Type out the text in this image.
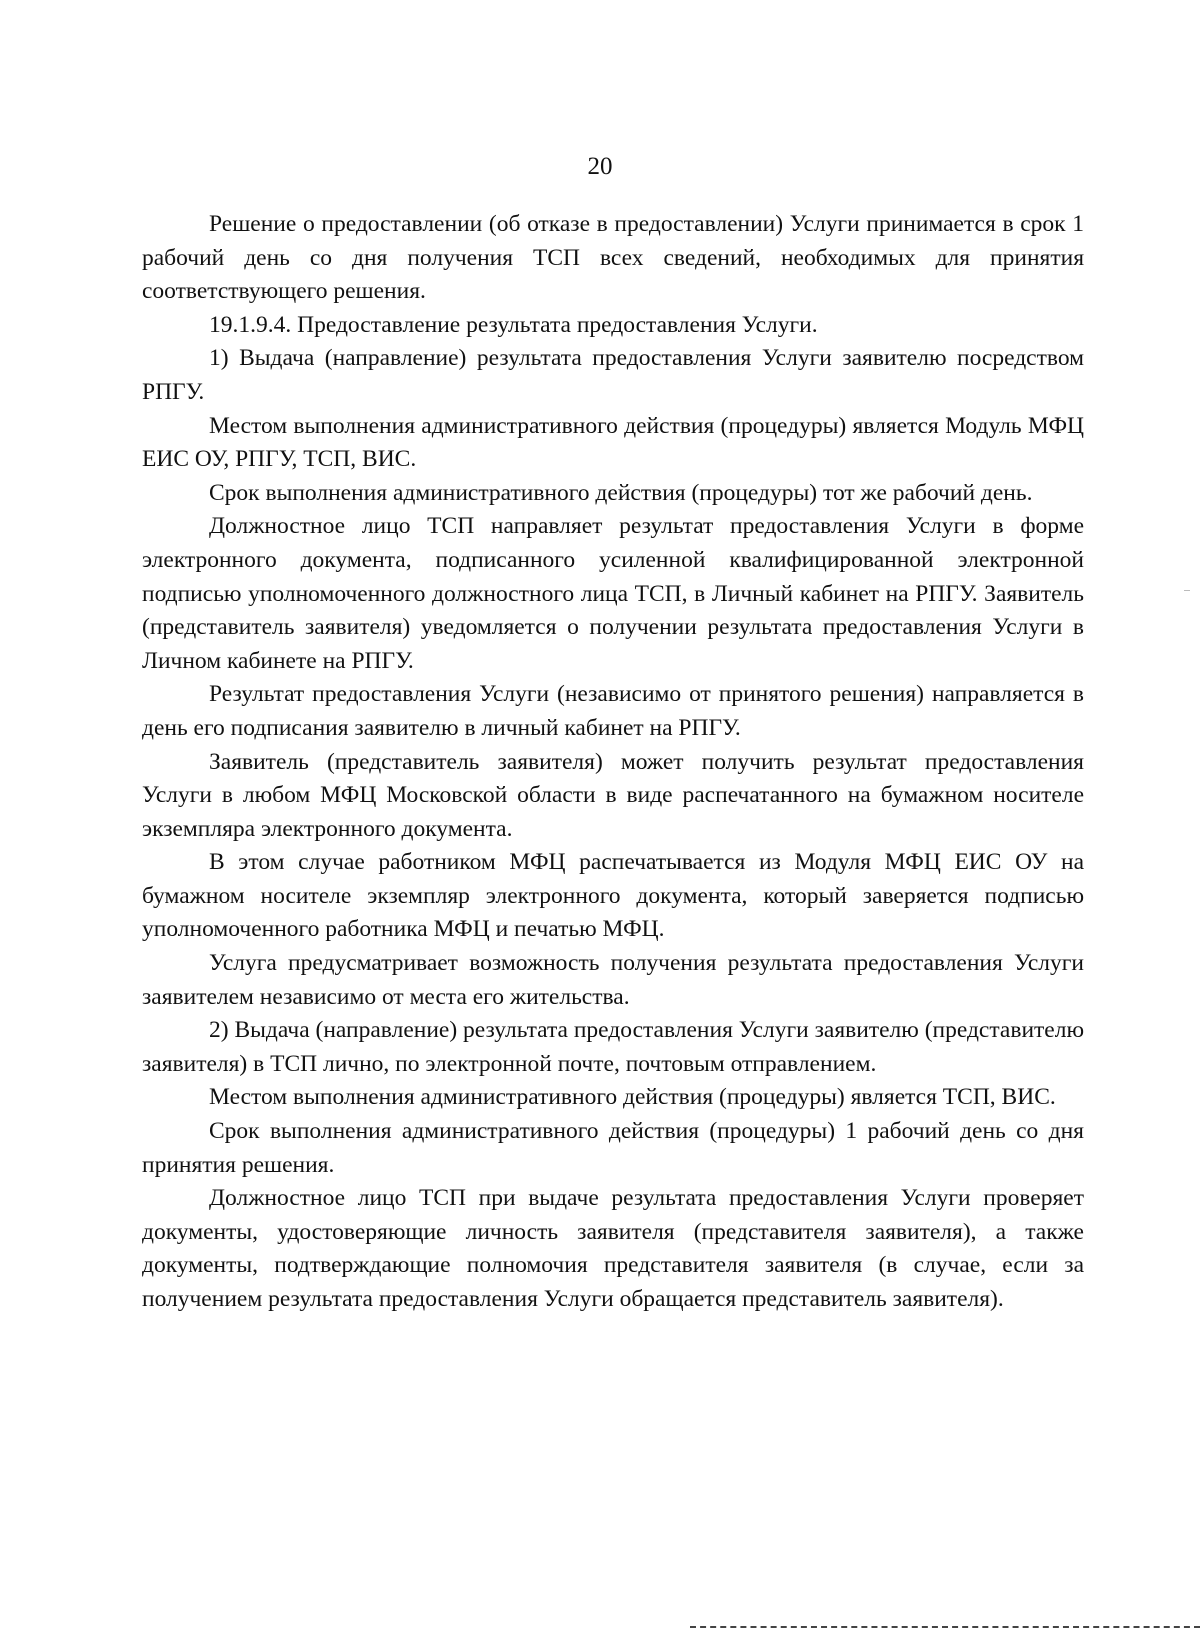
20

Решение о предоставлении (об отказе в предоставлении) Услуги принимается в срок 1 рабочий день со дня получения ТСП всех сведений, необходимых для принятия соответствующего решения.

19.1.9.4. Предоставление результата предоставления Услуги.

1) Выдача (направление) результата предоставления Услуги заявителю посредством РПГУ.

Местом выполнения административного действия (процедуры) является Модуль МФЦ ЕИС ОУ, РПГУ, ТСП, ВИС.

Срок выполнения административного действия (процедуры) тот же рабочий день.

Должностное лицо ТСП направляет результат предоставления Услуги в форме электронного документа, подписанного усиленной квалифицированной электронной подписью уполномоченного должностного лица ТСП, в Личный кабинет на РПГУ. Заявитель (представитель заявителя) уведомляется о получении результата предоставления Услуги в Личном кабинете на РПГУ.

Результат предоставления Услуги (независимо от принятого решения) направляется в день его подписания заявителю в личный кабинет на РПГУ.

Заявитель (представитель заявителя) может получить результат предоставления Услуги в любом МФЦ Московской области в виде распечатанного на бумажном носителе экземпляра электронного документа.

В этом случае работником МФЦ распечатывается из Модуля МФЦ ЕИС ОУ на бумажном носителе экземпляр электронного документа, который заверяется подписью уполномоченного работника МФЦ и печатью МФЦ.

Услуга предусматривает возможность получения результата предоставления Услуги заявителем независимо от места его жительства.

2) Выдача (направление) результата предоставления Услуги заявителю (представителю заявителя) в ТСП лично, по электронной почте, почтовым отправлением.

Местом выполнения административного действия (процедуры) является ТСП, ВИС.

Срок выполнения административного действия (процедуры) 1 рабочий день со дня принятия решения.

Должностное лицо ТСП при выдаче результата предоставления Услуги проверяет документы, удостоверяющие личность заявителя (представителя заявителя), а также документы, подтверждающие полномочия представителя заявителя (в случае, если за получением результата предоставления Услуги обращается представитель заявителя).
